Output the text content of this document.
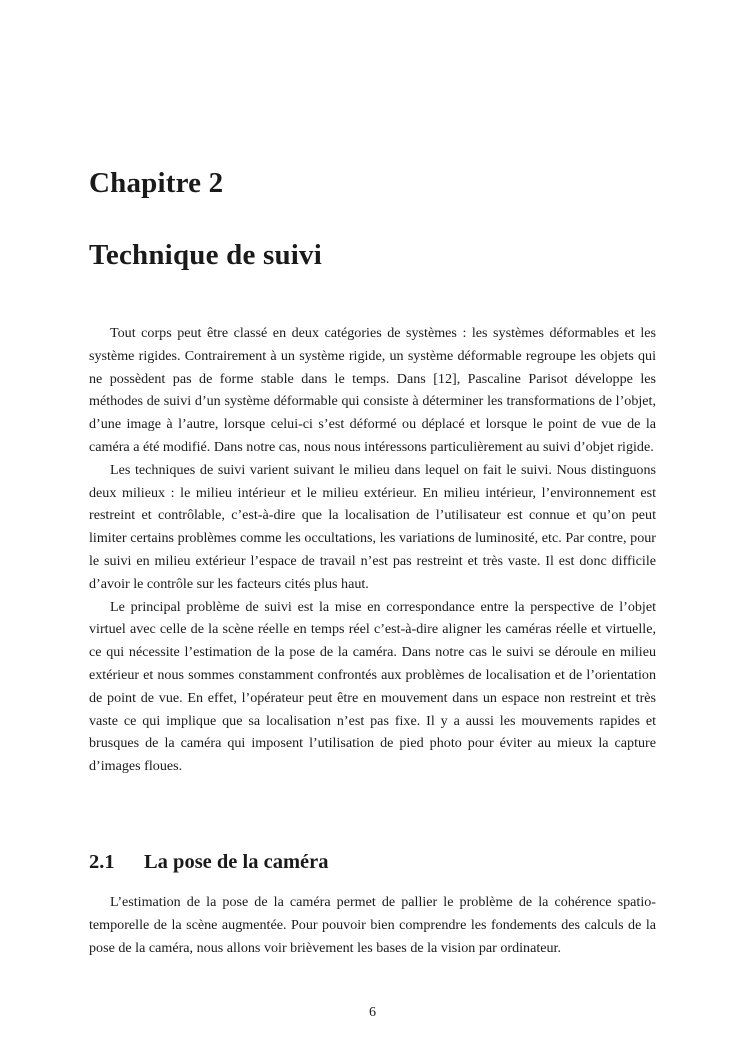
Chapitre 2
Technique de suivi

Tout corps peut être classé en deux catégories de systèmes : les systèmes déformables et les système rigides. Contrairement à un système rigide, un système déformable regroupe les objets qui ne possèdent pas de forme stable dans le temps. Dans [12], Pascaline Parisot développe les méthodes de suivi d’un système déformable qui consiste à déterminer les transformations de l’objet, d’une image à l’autre, lorsque celui-ci s’est déformé ou déplacé et lorsque le point de vue de la caméra a été modifié. Dans notre cas, nous nous intéressons particulièrement au suivi d’objet rigide.

Les techniques de suivi varient suivant le milieu dans lequel on fait le suivi. Nous distinguons deux milieux : le milieu intérieur et le milieu extérieur. En milieu intérieur, l’environnement est restreint et contrôlable, c’est-à-dire que la localisation de l’utilisateur est connue et qu’on peut limiter certains problèmes comme les occultations, les variations de luminosité, etc. Par contre, pour le suivi en milieu extérieur l’espace de travail n’est pas restreint et très vaste. Il est donc difficile d’avoir le contrôle sur les facteurs cités plus haut.

Le principal problème de suivi est la mise en correspondance entre la perspective de l’objet virtuel avec celle de la scène réelle en temps réel c’est-à-dire aligner les caméras réelle et virtuelle, ce qui nécessite l’estimation de la pose de la caméra. Dans notre cas le suivi se déroule en milieu extérieur et nous sommes constamment confrontés aux problèmes de localisation et de l’orientation de point de vue. En effet, l’opérateur peut être en mouvement dans un espace non restreint et très vaste ce qui implique que sa localisation n’est pas fixe. Il y a aussi les mouvements rapides et brusques de la caméra qui imposent l’utilisation de pied photo pour éviter au mieux la capture d’images floues.

2.1 La pose de la caméra

L’estimation de la pose de la caméra permet de pallier le problème de la cohérence spatio-temporelle de la scène augmentée. Pour pouvoir bien comprendre les fondements des calculs de la pose de la caméra, nous allons voir brièvement les bases de la vision par ordinateur.

6
